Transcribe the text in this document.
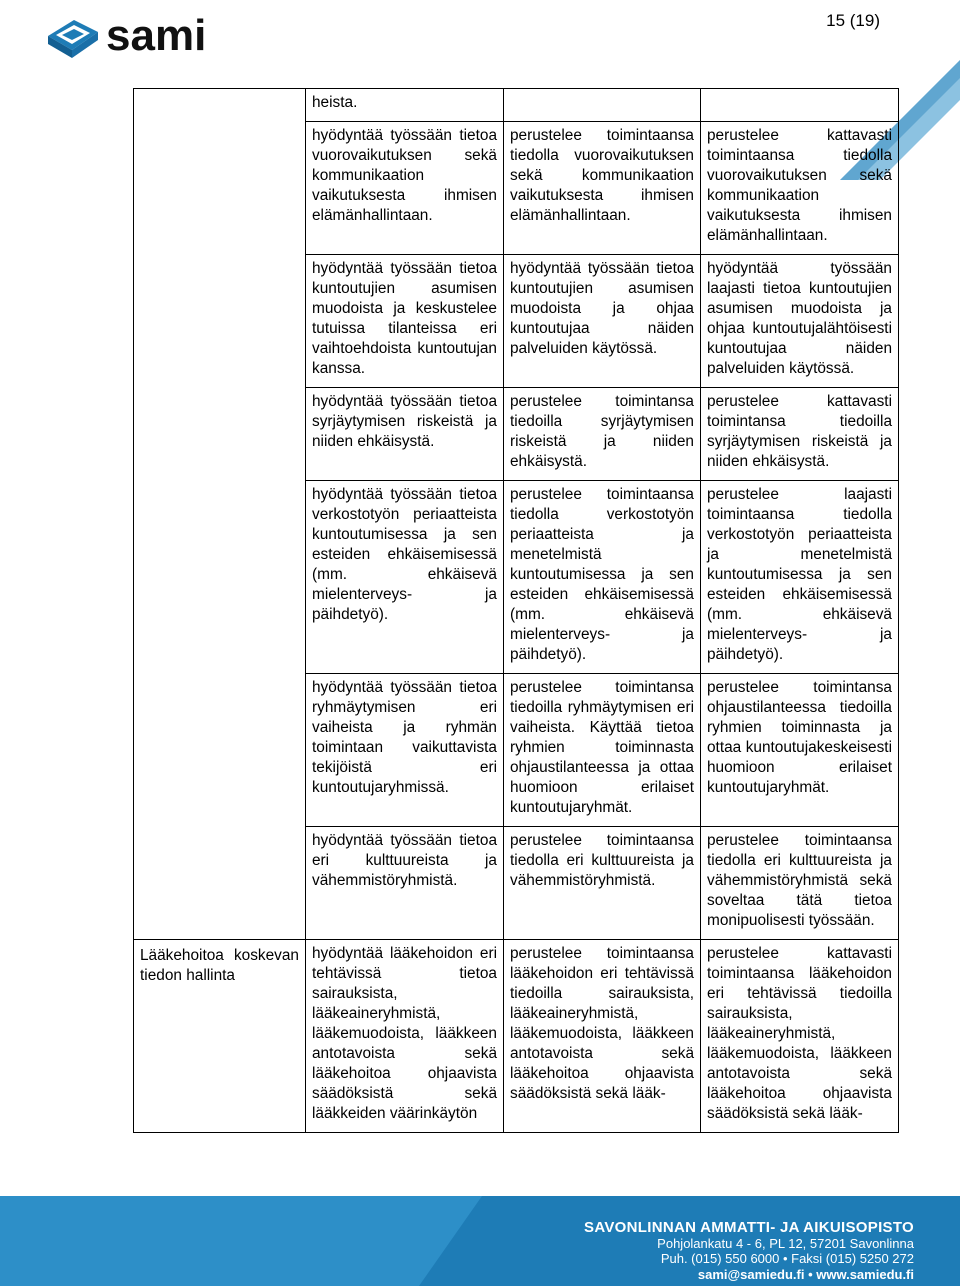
sami	15 (19)

	heista.		

	hyödyntää työssään tietoa vuorovaikutuksen sekä kommunikaation vaikutuksesta ihmisen elämänhallintaan.	perustelee toimintaansa tiedolla vuorovaikutuksen sekä kommunikaation vaikutuksesta ihmisen elämänhallintaan.	perustelee kattavasti toimintaansa tiedolla vuorovaikutuksen sekä kommunikaation vaikutuksesta ihmisen elämänhallintaan.

	hyödyntää työssään tietoa kuntoutujien asumisen muodoista ja keskustelee tutuissa tilanteissa eri vaihtoehdoista kuntoutujan kanssa.	hyödyntää työssään tietoa kuntoutujien asumisen muodoista ja ohjaa kuntoutujaa näiden palveluiden käytössä.	hyödyntää työssään laajasti tietoa kuntoutujien asumisen muodoista ja ohjaa kuntoutujalähtöisesti kuntoutujaa näiden palveluiden käytössä.

	hyödyntää työssään tietoa syrjäytymisen riskeistä ja niiden ehkäisystä.	perustelee toimintansa tiedoilla syrjäytymisen riskeistä ja niiden ehkäisystä.	perustelee kattavasti toimintansa tiedoilla syrjäytymisen riskeistä ja niiden ehkäisystä.

	hyödyntää työssään tietoa verkostotyön periaatteista kuntoutumisessa ja sen esteiden ehkäisemisessä (mm. ehkäisevä mielenterveys- ja päihdetyö).	perustelee toimintaansa tiedolla verkostotyön periaatteista ja menetelmistä kuntoutumisessa ja sen esteiden ehkäisemisessä (mm. ehkäisevä mielenterveys- ja päihdetyö).	perustelee laajasti toimintaansa tiedolla verkostotyön periaatteista ja menetelmistä kuntoutumisessa ja sen esteiden ehkäisemisessä (mm. ehkäisevä mielenterveys- ja päihdetyö).

	hyödyntää työssään tietoa ryhmäytymisen eri vaiheista ja ryhmän toimintaan vaikuttavista tekijöistä eri kuntoutujaryhmissä.	perustelee toimintansa tiedoilla ryhmäytymisen eri vaiheista. Käyttää tietoa ryhmien toiminnasta ohjaustilanteessa ja ottaa huomioon erilaiset kuntoutujaryhmät.	perustelee toimintansa ohjaustilanteessa tiedoilla ryhmien toiminnasta ja ottaa kuntoutujakeskeisesti huomioon erilaiset kuntoutujaryhmät.

	hyödyntää työssään tietoa eri kulttuureista ja vähemmistöryhmistä.	perustelee toimintaansa tiedolla eri kulttuureista ja vähemmistöryhmistä.	perustelee toimintaansa tiedolla eri kulttuureista ja vähemmistöryhmistä sekä soveltaa tätä tietoa monipuolisesti työssään.

Lääkehoitoa koskevan tiedon hallinta	hyödyntää lääkehoidon eri tehtävissä tietoa sairauksista, lääkeaineryhmistä, lääkemuodoista, lääkkeen antotavoista sekä lääkehoitoa ohjaavista säädöksistä sekä lääkkeiden väärinkäytön	perustelee toimintaansa lääkehoidon eri tehtävissä tiedoilla sairauksista, lääkeaineryhmistä, lääkemuodoista, lääkkeen antotavoista sekä lääkehoitoa ohjaavista säädöksistä sekä lääk-	perustelee kattavasti toimintaansa lääkehoidon eri tehtävissä tiedoilla sairauksista, lääkeaineryhmistä, lääkemuodoista, lääkkeen antotavoista sekä lääkehoitoa ohjaavista säädöksistä sekä lääk-
SAVONLINNAN AMMATTI- JA AIKUISOPISTO
Pohjolankatu 4 - 6, PL 12, 57201 Savonlinna
Puh. (015) 550 6000 • Faksi (015) 5250 272
sami@samiedu.fi • www.samiedu.fi
